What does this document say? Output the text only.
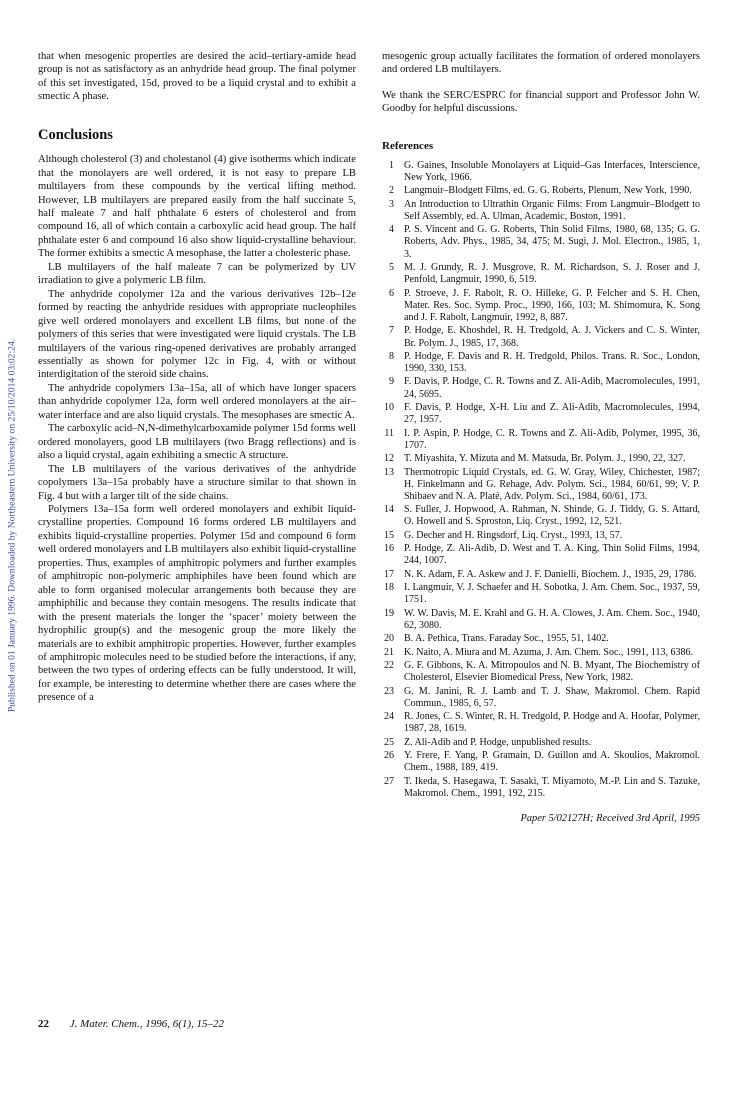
Published on 01 January 1996. Downloaded by Northeastern University on 25/10/2014 03:02:24.

that when mesogenic properties are desired the acid–tertiary-amide head group is not as satisfactory as an anhydride head group. The final polymer of this set investigated, 15d, proved to be a liquid crystal and to exhibit a smectic A phase.

Conclusions

Although cholesterol (3) and cholestanol (4) give isotherms which indicate that the monolayers are well ordered, it is not easy to prepare LB multilayers from these compounds by the vertical lifting method. However, LB multilayers are prepared easily from the half succinate 5, half maleate 7 and half phthalate 6 esters of cholesterol and from compound 16, all of which contain a carboxylic acid head group. The half phthalate ester 6 and compound 16 also show liquid-crystalline behaviour. The former exhibits a smectic A mesophase, the latter a cholesteric phase.

LB multilayers of the half maleate 7 can be polymerized by UV irradiation to give a polymeric LB film.

The anhydride copolymer 12a and the various derivatives 12b–12e formed by reacting the anhydride residues with appropriate nucleophiles give well ordered monolayers and excellent LB films, but none of the polymers of this series that were investigated were liquid crystals. The LB multilayers of the various ring-opened derivatives are probably arranged essentially as shown for polymer 12c in Fig. 4, with or without interdigitation of the steroid side chains.

The anhydride copolymers 13a–15a, all of which have longer spacers than anhydride copolymer 12a, form well ordered monolayers at the air–water interface and are also liquid crystals. The mesophases are smectic A.

The carboxylic acid–N,N-dimethylcarboxamide polymer 15d forms well ordered monolayers, good LB multilayers (two Bragg reflections) and is also a liquid crystal, again exhibiting a smectic A structure.

The LB multilayers of the various derivatives of the anhydride copolymers 13a–15a probably have a structure similar to that shown in Fig. 4 but with a larger tilt of the side chains.

Polymers 13a–15a form well ordered monolayers and exhibit liquid-crystalline properties. Compound 16 forms ordered LB multilayers and exhibits liquid-crystalline properties. Polymer 15d and compound 6 form well ordered monolayers and LB multilayers also exhibit liquid-crystalline properties. Thus, examples of amphitropic polymers and further examples of amphitropic non-polymeric amphiphiles have been found which are able to form organised molecular arrangements both because they are amphiphilic and because they contain mesogens. The results indicate that with the present materials the longer the ‘spacer’ moiety between the hydrophilic group(s) and the mesogenic group the more likely the materials are to exhibit amphitropic properties. However, further examples of amphitropic molecules need to be studied before the interactions, if any, between the two types of ordering effects can be fully understood. It will, for example, be interesting to determine whether there are cases where the presence of a

mesogenic group actually facilitates the formation of ordered monolayers and ordered LB multilayers.

We thank the SERC/ESPRC for financial support and Professor John W. Goodby for helpful discussions.

References
1 G. Gaines, Insoluble Monolayers at Liquid–Gas Interfaces, Interscience, New York, 1966.
2 Langmuir–Blodgett Films, ed. G. G. Roberts, Plenum, New York, 1990.
3 An Introduction to Ultrathin Organic Films: From Langmuir–Blodgett to Self Assembly, ed. A. Ulman, Academic, Boston, 1991.
4 P. S. Vincent and G. G. Roberts, Thin Solid Films, 1980, 68, 135; G. G. Roberts, Adv. Phys., 1985, 34, 475; M. Sugi, J. Mol. Electron., 1985, 1, 3.
5 M. J. Grundy, R. J. Musgrove, R. M. Richardson, S. J. Roser and J. Penfold, Langmuir, 1990, 6, 519.
6 P. Stroeve, J. F. Rabolt, R. O. Hilleke, G. P. Felcher and S. H. Chen, Mater. Res. Soc. Symp. Proc., 1990, 166, 103; M. Shimomura, K. Song and J. F. Rabolt, Langmuir, 1992, 8, 887.
7 P. Hodge, E. Khoshdel, R. H. Tredgold, A. J. Vickers and C. S. Winter, Br. Polym. J., 1985, 17, 368.
8 P. Hodge, F. Davis and R. H. Tredgold, Philos. Trans. R. Soc., London, 1990, 330, 153.
9 F. Davis, P. Hodge, C. R. Towns and Z. Ali-Adib, Macromolecules, 1991, 24, 5695.
10 F. Davis, P. Hodge, X-H. Liu and Z. Ali-Adib, Macromolecules, 1994, 27, 1957.
11 I. P. Aspin, P. Hodge, C. R. Towns and Z. Ali-Adib, Polymer, 1995, 36, 1707.
12 T. Miyashita, Y. Mizuta and M. Matsuda, Br. Polym. J., 1990, 22, 327.
13 Thermotropic Liquid Crystals, ed. G. W. Gray, Wiley, Chichester, 1987; H. Finkelmann and G. Rehage, Adv. Polym. Sci., 1984, 60/61, 99; V. P. Shibaev and N. A. Platé, Adv. Polym. Sci., 1984, 60/61, 173.
14 S. Fuller, J. Hopwood, A. Rahman, N. Shinde, G. J. Tiddy, G. S. Attard, O. Howell and S. Sproston, Liq. Cryst., 1992, 12, 521.
15 G. Decher and H. Ringsdorf, Liq. Cryst., 1993, 13, 57.
16 P. Hodge, Z. Ali-Adib, D. West and T. A. King, Thin Solid Films, 1994, 244, 1007.
17 N. K. Adam, F. A. Askew and J. F. Danielli, Biochem. J., 1935, 29, 1786.
18 I. Langmuir, V. J. Schaefer and H. Sobotka, J. Am. Chem. Soc., 1937, 59, 1751.
19 W. W. Davis, M. E. Krahl and G. H. A. Clowes, J. Am. Chem. Soc., 1940, 62, 3080.
20 B. A. Pethica, Trans. Faraday Soc., 1955, 51, 1402.
21 K. Naito, A. Miura and M. Azuma, J. Am. Chem. Soc., 1991, 113, 6386.
22 G. F. Gibbons, K. A. Mitropoulos and N. B. Myant, The Biochemistry of Cholesterol, Elsevier Biomedical Press, New York, 1982.
23 G. M. Janini, R. J. Lamb and T. J. Shaw, Makromol. Chem. Rapid Commun., 1985, 6, 57.
24 R. Jones, C. S. Winter, R. H. Tredgold, P. Hodge and A. Hoofar, Polymer, 1987, 28, 1619.
25 Z. Ali-Adib and P. Hodge, unpublished results.
26 Y. Frere, F. Yang, P. Gramain, D. Guillon and A. Skoulios, Makromol. Chem., 1988, 189, 419.
27 T. Ikeda, S. Hasegawa, T. Sasaki, T. Miyamoto, M.-P. Lin and S. Tazuke, Makromol. Chem., 1991, 192, 215.
Paper 5/02127H; Received 3rd April, 1995
22 J. Mater. Chem., 1996, 6(1), 15–22
